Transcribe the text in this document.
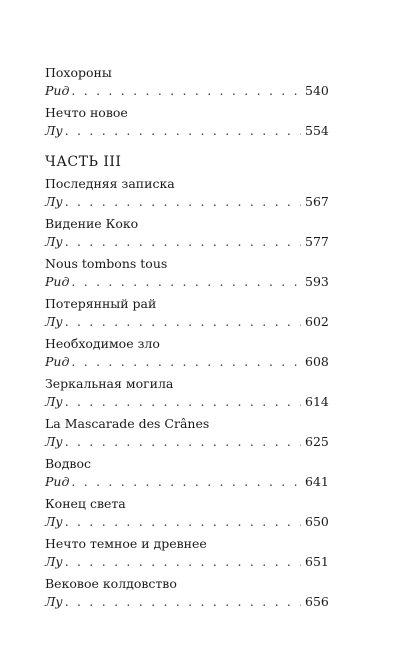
Похороны
Рид . . .	540
Нечто новое
Лу . . .	554
ЧАСТЬ III
Последняя записка
Лу . . .	567
Видение Коко
Лу . . .	577
Nous tombons tous
Рид . . .	593
Потерянный рай
Лу . . .	602
Необходимое зло
Рид . . .	608
Зеркальная могила
Лу . . .	614
La Mascarade des Crânes
Лу . . .	625
Водвос
Рид . . .	641
Конец света
Лу . . .	650
Нечто темное и древнее
Лу . . .	651
Вековое колдовство
Лу . . .	656
